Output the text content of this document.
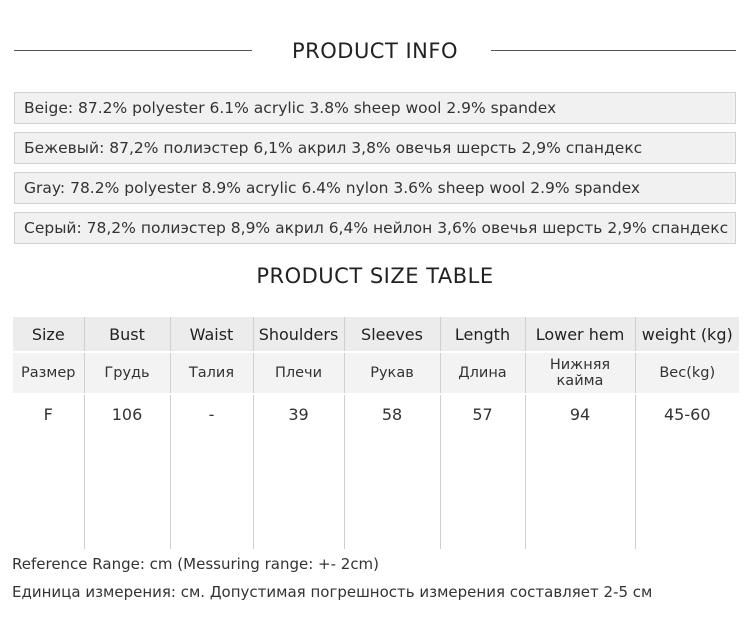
PRODUCT INFO
Beige: 87.2% polyester 6.1% acrylic 3.8% sheep wool 2.9% spandex
Бежевый: 87,2% полиэстер 6,1% акрил 3,8% овечья шерсть 2,9% спандекс
Gray: 78.2% polyester 8.9% acrylic 6.4% nylon 3.6% sheep wool 2.9% spandex
Серый: 78,2% полиэстер 8,9% акрил 6,4% нейлон 3,6% овечья шерсть 2,9% спандекс
PRODUCT SIZE TABLE
Size	Bust	Waist	Shoulders	Sleeves	Length	Lower hem	weight (kg)
Размер	Грудь	Талия	Плечи	Рукав	Длина	Нижняя кайма	Вес(kg)
F	106	-	39	58	57	94	45-60
Reference Range: cm (Messuring range: +- 2cm)
Единица измерения: см. Допустимая погрешность измерения составляет 2-5 см
